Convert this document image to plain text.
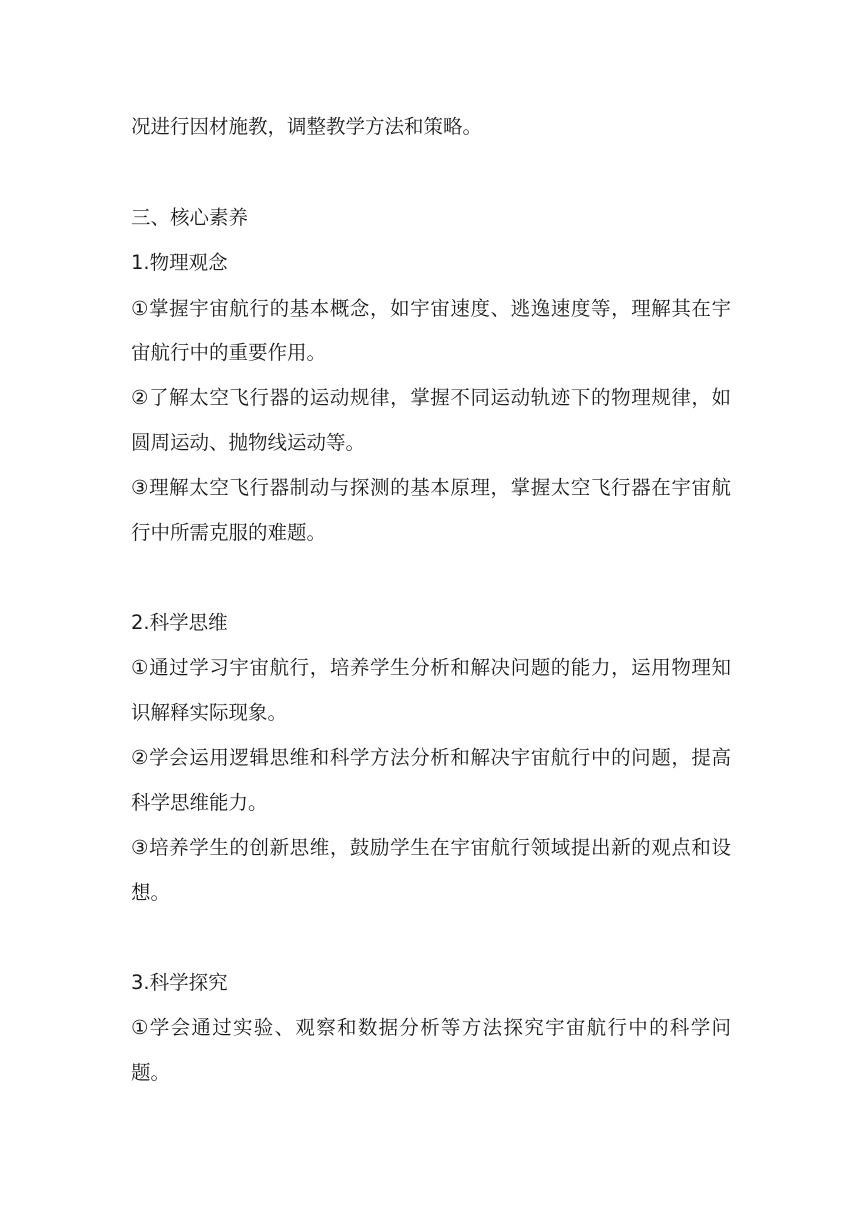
况进行因材施教，调整教学方法和策略。
三、核心素养
1.物理观念
①掌握宇宙航行的基本概念，如宇宙速度、逃逸速度等，理解其在宇
宙航行中的重要作用。
②了解太空飞行器的运动规律，掌握不同运动轨迹下的物理规律，如
圆周运动、抛物线运动等。
③理解太空飞行器制动与探测的基本原理，掌握太空飞行器在宇宙航
行中所需克服的难题。
2.科学思维
①通过学习宇宙航行，培养学生分析和解决问题的能力，运用物理知
识解释实际现象。
②学会运用逻辑思维和科学方法分析和解决宇宙航行中的问题，提高
科学思维能力。
③培养学生的创新思维，鼓励学生在宇宙航行领域提出新的观点和设
想。
3.科学探究
①学会通过实验、观察和数据分析等方法探究宇宙航行中的科学问
题。
